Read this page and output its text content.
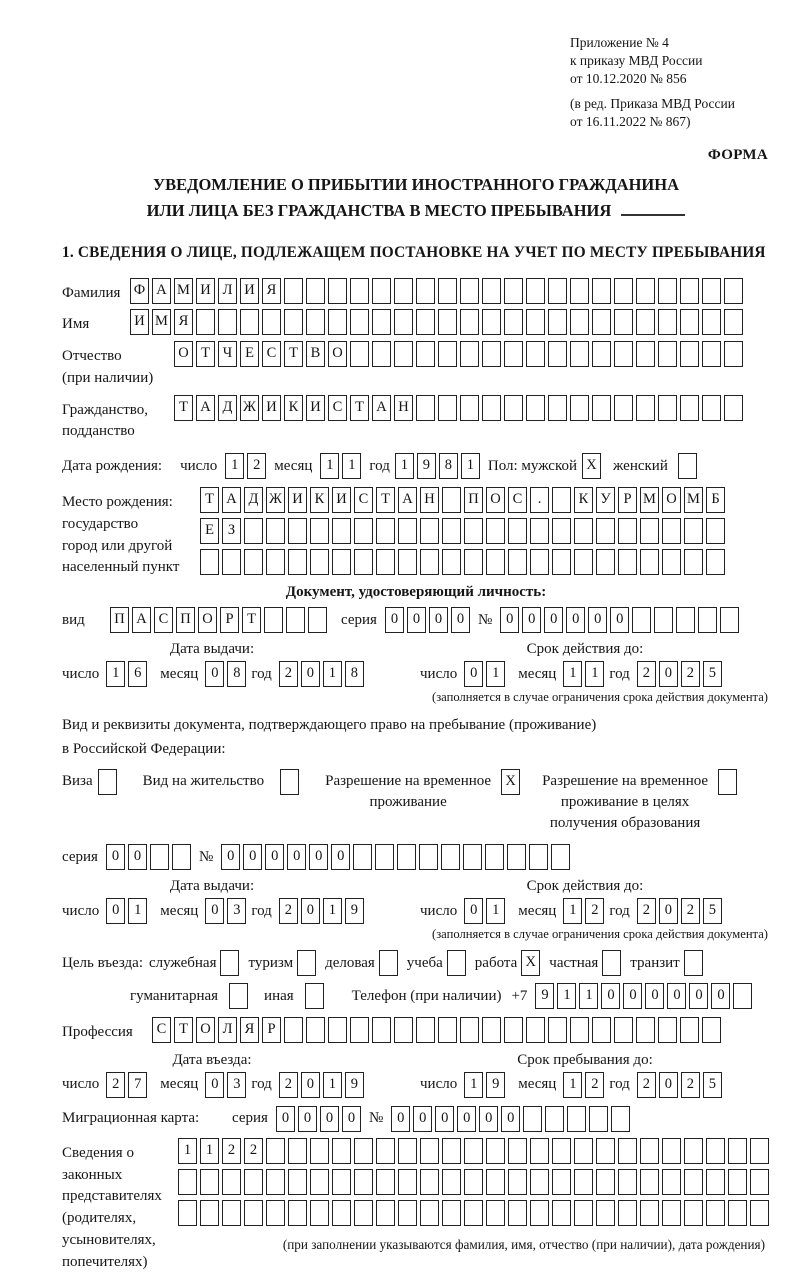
Приложение № 4
к приказу МВД России
от 10.12.2020 № 856
(в ред. Приказа МВД России
от 16.11.2022 № 867)
ФОРМА
УВЕДОМЛЕНИЕ О ПРИБЫТИИ ИНОСТРАННОГО ГРАЖДАНИНА
ИЛИ ЛИЦА БЕЗ ГРАЖДАНСТВА В МЕСТО ПРЕБЫВАНИЯ
1. СВЕДЕНИЯ О ЛИЦЕ, ПОДЛЕЖАЩЕМ ПОСТАНОВКЕ НА УЧЕТ ПО МЕСТУ ПРЕБЫВАНИЯ
Фамилия Ф А М И Л И Я
Имя	И М Я
Отчество
(при наличии)
О Т Ч Е С Т В О
Гражданство,
подданство
Т А Д Ж И К И С Т А Н
Дата рождения: число 1	2 месяц 1	1 год 1	9	8	1 Пол: мужской X женский
Место рождения:
государство
город или другой
населенный пункт
Т А Д Ж И К И С Т А Н П О С	.	К У Р М О М Б
Е З
Документ, удостоверяющий личность:
вид	П А С П О Р Т	серия 0	0	0	0 № 0	0	0	0	0	0
Дата выдачи:
число 1	6	месяц 0	8 год 2	0	1	8
Срок действия до:
число 0	1	месяц 1	1 год 2	0	2	5
(заполняется в случае ограничения срока действия документа)
Вид и реквизиты документа, подтверждающего право на пребывание (проживание)
в Российской Федерации:
Виза	Вид на жительство	Разрешение на временное
проживание
X Разрешение на временное
проживание в целях
получения образования
серия 0	0	№ 0	0	0	0	0	0
Дата выдачи:
число 0	1	месяц 0	3 год 2	0	1	9
Срок действия до:
число 0	1	месяц 1	2 год 2	0	2	5
(заполняется в случае ограничения срока действия документа)
Цель въезда: служебная туризм деловая учеба работа X частная транзит
гуманитарная	иная	Телефон (при наличии) +7 9	1	1	0	0	0	0	0	0
Профессия	С Т О Л Я Р
Дата въезда:
число 2	7	месяц 0	3 год 2	0	1	9
Срок пребывания до:
число 1	9	месяц 1	2 год 2	0	2	5
Миграционная карта:	серия 0	0	0	0 № 0	0	0	0	0	0
Сведения о
законных
представителях
(родителях,
усыновителях,
попечителях)
1	1	2	2
(при заполнении указываются фамилия, имя, отчество (при наличии), дата рождения)
